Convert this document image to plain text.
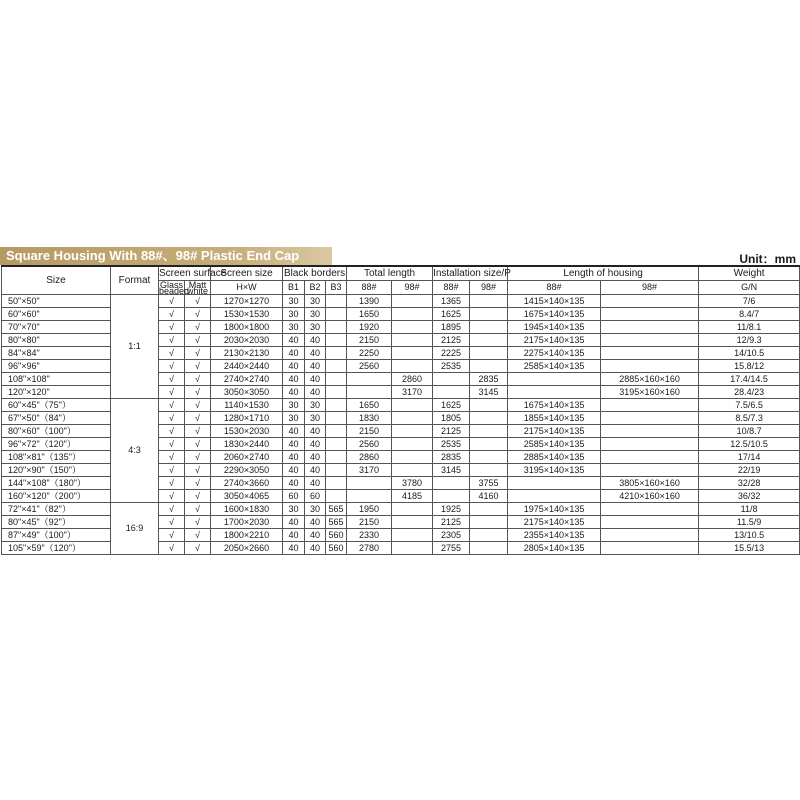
Square Housing With 88#、98# Plastic End Cap	Unit：mm
Size	Format	Screen surface		Screen size	Black borders			Total length		Installation size/P		Length of housing		Weight
		Glass beaded	Matt white	H×W	B1	B2	B3	88#	98#	88#	98#	88#	98#	G/N
50"×50"	1:1	√	√	1270×1270	30	30		1390		1365		1415×140×135		7/6
60"×60"		√	√	1530×1530	30	30		1650		1625		1675×140×135		8.4/7
70"×70"		√	√	1800×1800	30	30		1920		1895		1945×140×135		11/8.1
80"×80"		√	√	2030×2030	40	40		2150		2125		2175×140×135		12/9.3
84"×84"		√	√	2130×2130	40	40		2250		2225		2275×140×135		14/10.5
96"×96"		√	√	2440×2440	40	40		2560		2535		2585×140×135		15.8/12
108"×108"		√	√	2740×2740	40	40			2860		2835		2885×160×160	17.4/14.5
120"×120"		√	√	3050×3050	40	40			3170		3145		3195×160×160	28.4/23
60"×45"（75"）	4:3	√	√	1140×1530	30	30		1650		1625		1675×140×135		7.5/6.5
67"×50"（84"）		√	√	1280×1710	30	30		1830		1805		1855×140×135		8.5/7.3
80"×60"（100"）		√	√	1530×2030	40	40		2150		2125		2175×140×135		10/8.7
96"×72"（120"）		√	√	1830×2440	40	40		2560		2535		2585×140×135		12.5/10.5
108"×81"（135"）		√	√	2060×2740	40	40		2860		2835		2885×140×135		17/14
120"×90"（150"）		√	√	2290×3050	40	40		3170		3145		3195×140×135		22/19
144"×108"（180"）		√	√	2740×3660	40	40			3780		3755		3805×160×160	32/28
160"×120"（200"）		√	√	3050×4065	60	60			4185		4160		4210×160×160	36/32
72"×41"（82"）	16:9	√	√	1600×1830	30	30	565	1950		1925		1975×140×135		11/8
80"×45"（92"）		√	√	1700×2030	40	40	565	2150		2125		2175×140×135		11.5/9
87"×49"（100"）		√	√	1800×2210	40	40	560	2330		2305		2355×140×135		13/10.5
105"×59"（120"）		√	√	2050×2660	40	40	560	2780		2755		2805×140×135		15.5/13
